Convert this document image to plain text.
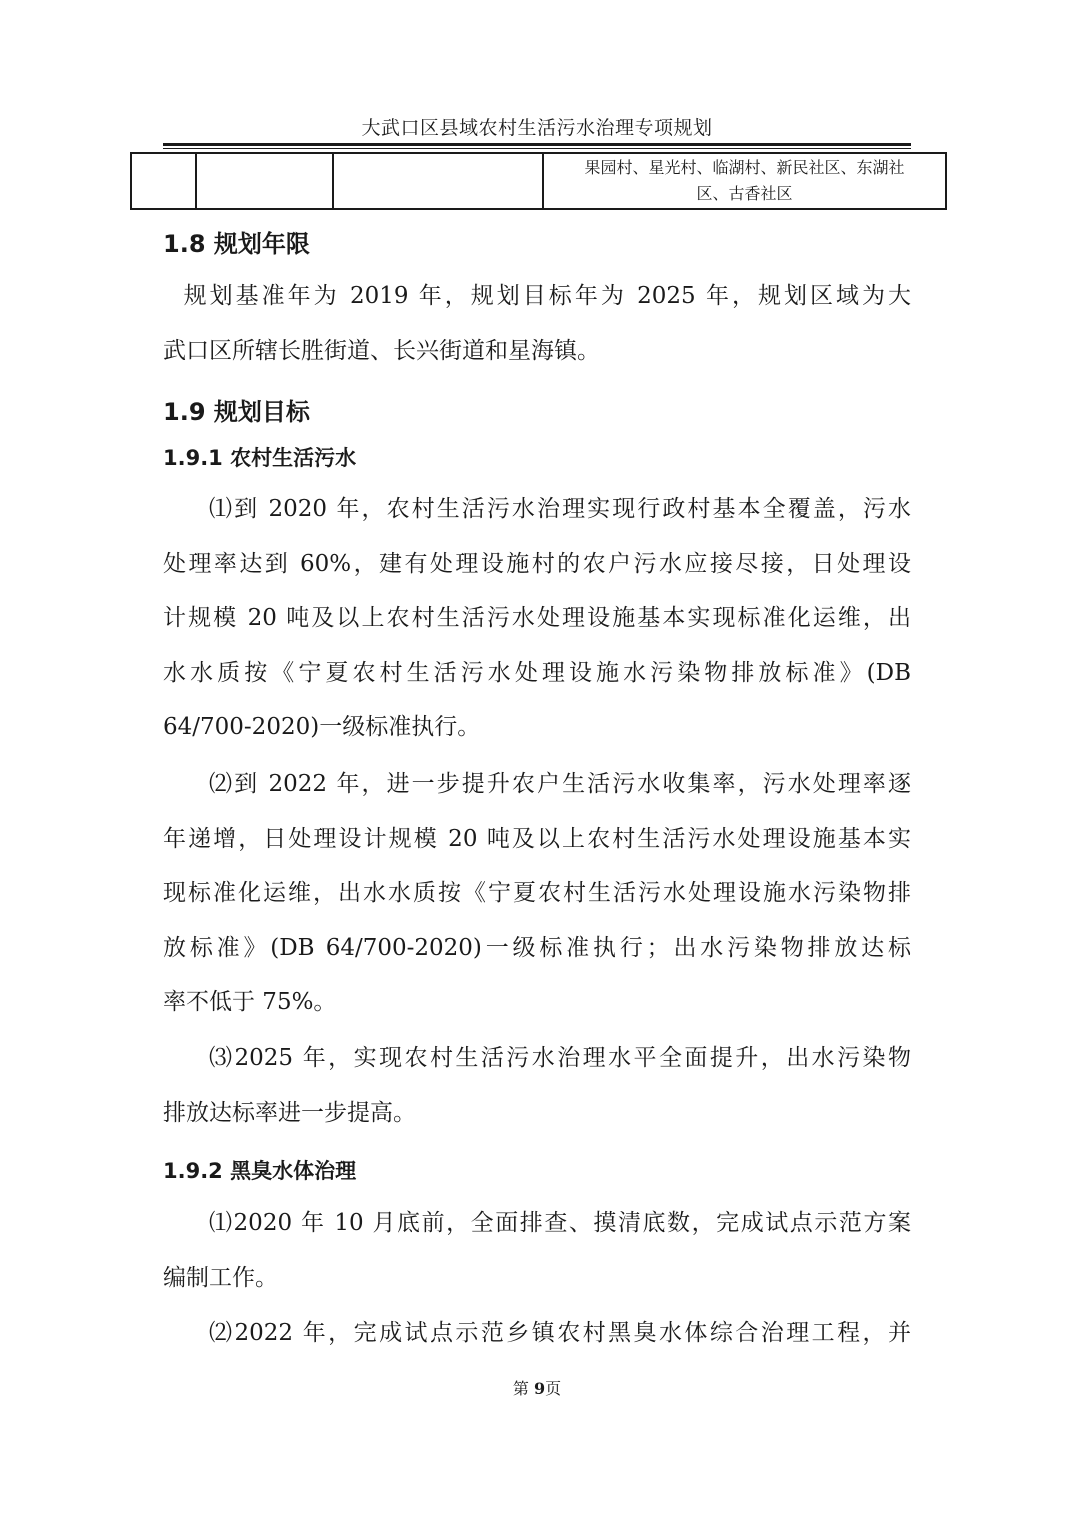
大武口区县域农村生活污水治理专项规划

果园村、星光村、临湖村、新民社区、东湖社
区、古香社区
1.8 规划年限
规划基准年为 2019 年，规划目标年为 2025 年，规划区域为大
武口区所辖长胜街道、长兴街道和星海镇。
1.9 规划目标
1.9.1 农村生活污水
⑴到 2020 年，农村生活污水治理实现行政村基本全覆盖，污水
处理率达到 60%，建有处理设施村的农户污水应接尽接，日处理设
计规模 20 吨及以上农村生活污水处理设施基本实现标准化运维，出
水水质按《宁夏农村生活污水处理设施水污染物排放标准》(DB
64/700-2020)一级标准执行。
⑵到 2022 年，进一步提升农户生活污水收集率，污水处理率逐
年递增，日处理设计规模 20 吨及以上农村生活污水处理设施基本实
现标准化运维，出水水质按《宁夏农村生活污水处理设施水污染物排
放标准》(DB 64/700-2020)一级标准执行；出水污染物排放达标
率不低于 75%。
⑶2025 年，实现农村生活污水治理水平全面提升，出水污染物
排放达标率进一步提高。
1.9.2 黑臭水体治理
⑴2020 年 10 月底前，全面排查、摸清底数，完成试点示范方案
编制工作。
⑵2022 年，完成试点示范乡镇农村黑臭水体综合治理工程，并
第 9页
